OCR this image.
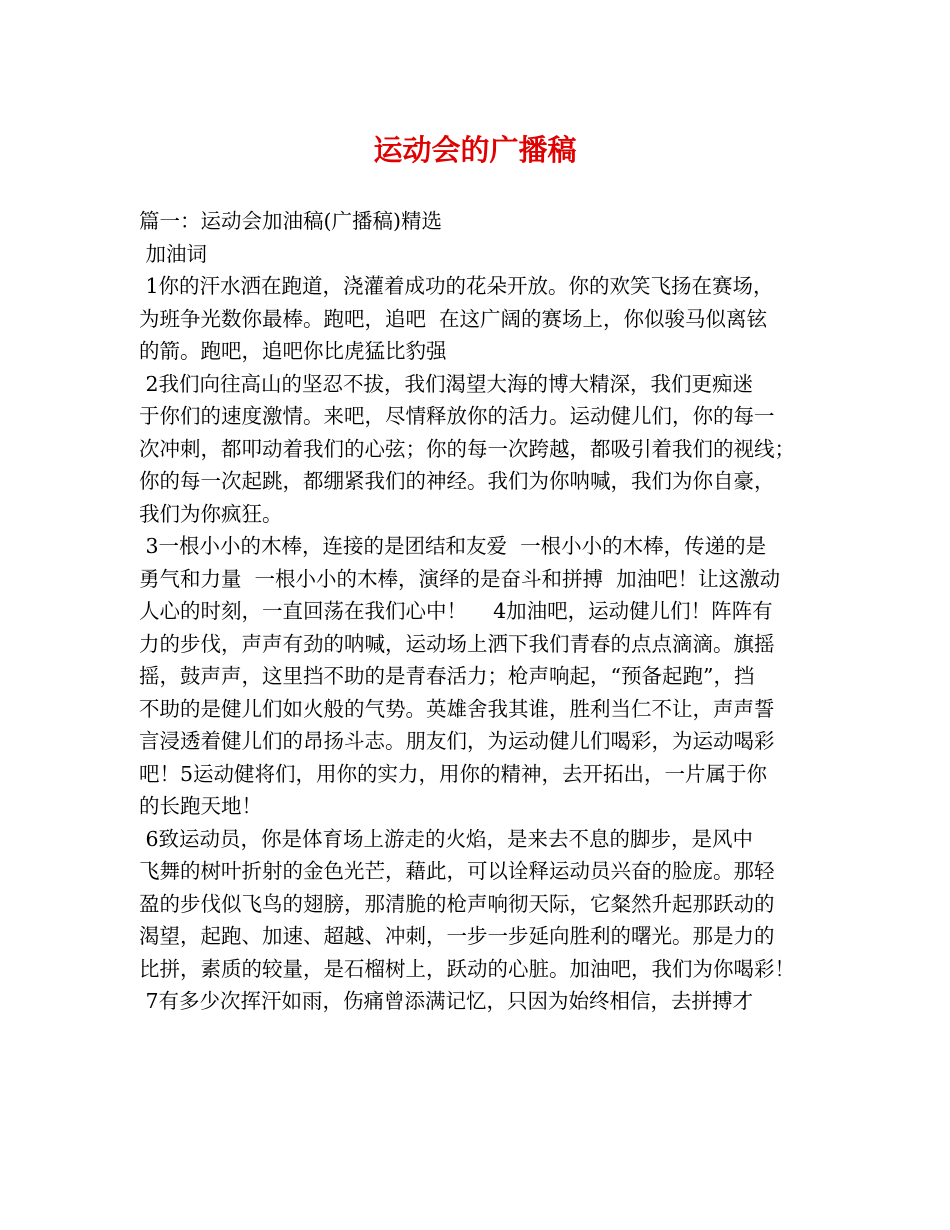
运动会的广播稿
篇一：运动会加油稿(广播稿)精选
加油词
1你的汗水洒在跑道，浇灌着成功的花朵开放。你的欢笑飞扬在赛场，
为班争光数你最棒。跑吧，追吧  在这广阔的赛场上，你似骏马似离铉
的箭。跑吧，追吧你比虎猛比豹强
2我们向往高山的坚忍不拔，我们渴望大海的博大精深，我们更痴迷
于你们的速度激情。来吧，尽情释放你的活力。运动健儿们，你的每一
次冲刺，都叩动着我们的心弦；你的每一次跨越，都吸引着我们的视线；
你的每一次起跳，都绷紧我们的神经。我们为你呐喊，我们为你自豪，
我们为你疯狂。
3一根小小的木棒，连接的是团结和友爱  一根小小的木棒，传递的是
勇气和力量  一根小小的木棒，演绎的是奋斗和拼搏  加油吧！让这激动
人心的时刻，一直回荡在我们心中！    4加油吧，运动健儿们！阵阵有
力的步伐，声声有劲的呐喊，运动场上洒下我们青春的点点滴滴。旗摇
摇，鼓声声，这里挡不助的是青春活力；枪声响起，“预备起跑”，挡
不助的是健儿们如火般的气势。英雄舍我其谁，胜利当仁不让，声声誓
言浸透着健儿们的昂扬斗志。朋友们，为运动健儿们喝彩，为运动喝彩
吧！5运动健将们，用你的实力，用你的精神，去开拓出，一片属于你
的长跑天地！
6致运动员，你是体育场上游走的火焰，是来去不息的脚步，是风中
飞舞的树叶折射的金色光芒，藉此，可以诠释运动员兴奋的脸庞。那轻
盈的步伐似飞鸟的翅膀，那清脆的枪声响彻天际，它粲然升起那跃动的
渴望，起跑、加速、超越、冲刺，一步一步延向胜利的曙光。那是力的
比拼，素质的较量，是石榴树上，跃动的心脏。加油吧，我们为你喝彩！
7有多少次挥汗如雨，伤痛曾添满记忆，只因为始终相信，去拼搏才
